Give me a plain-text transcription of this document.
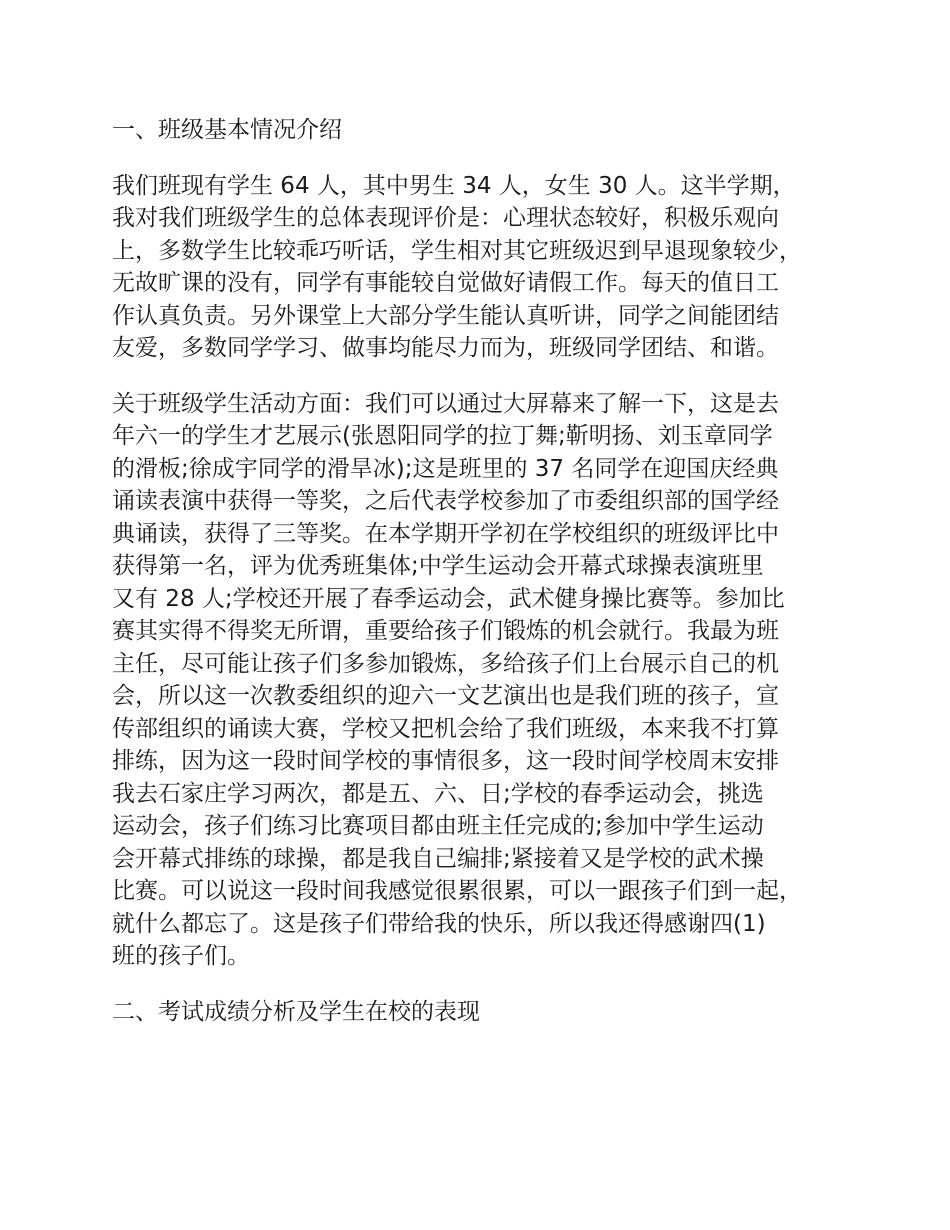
一、班级基本情况介绍

我们班现有学生 64 人，其中男生 34 人，女生 30 人。这半学期，
我对我们班级学生的总体表现评价是：心理状态较好，积极乐观向
上，多数学生比较乖巧听话，学生相对其它班级迟到早退现象较少，
无故旷课的没有，同学有事能较自觉做好请假工作。每天的值日工
作认真负责。另外课堂上大部分学生能认真听讲，同学之间能团结
友爱，多数同学学习、做事均能尽力而为，班级同学团结、和谐。

关于班级学生活动方面：我们可以通过大屏幕来了解一下，这是去
年六一的学生才艺展示(张恩阳同学的拉丁舞;靳明扬、刘玉章同学
的滑板;徐成宇同学的滑旱冰);这是班里的 37 名同学在迎国庆经典
诵读表演中获得一等奖，之后代表学校参加了市委组织部的国学经
典诵读，获得了三等奖。在本学期开学初在学校组织的班级评比中
获得第一名，评为优秀班集体;中学生运动会开幕式球操表演班里
又有 28 人;学校还开展了春季运动会，武术健身操比赛等。参加比
赛其实得不得奖无所谓，重要给孩子们锻炼的机会就行。我最为班
主任，尽可能让孩子们多参加锻炼，多给孩子们上台展示自己的机
会，所以这一次教委组织的迎六一文艺演出也是我们班的孩子，宣
传部组织的诵读大赛，学校又把机会给了我们班级，本来我不打算
排练，因为这一段时间学校的事情很多，这一段时间学校周末安排
我去石家庄学习两次，都是五、六、日;学校的春季运动会，挑选
运动会，孩子们练习比赛项目都由班主任完成的;参加中学生运动
会开幕式排练的球操，都是我自己编排;紧接着又是学校的武术操
比赛。可以说这一段时间我感觉很累很累，可以一跟孩子们到一起，
就什么都忘了。这是孩子们带给我的快乐，所以我还得感谢四(1)
班的孩子们。

二、考试成绩分析及学生在校的表现
